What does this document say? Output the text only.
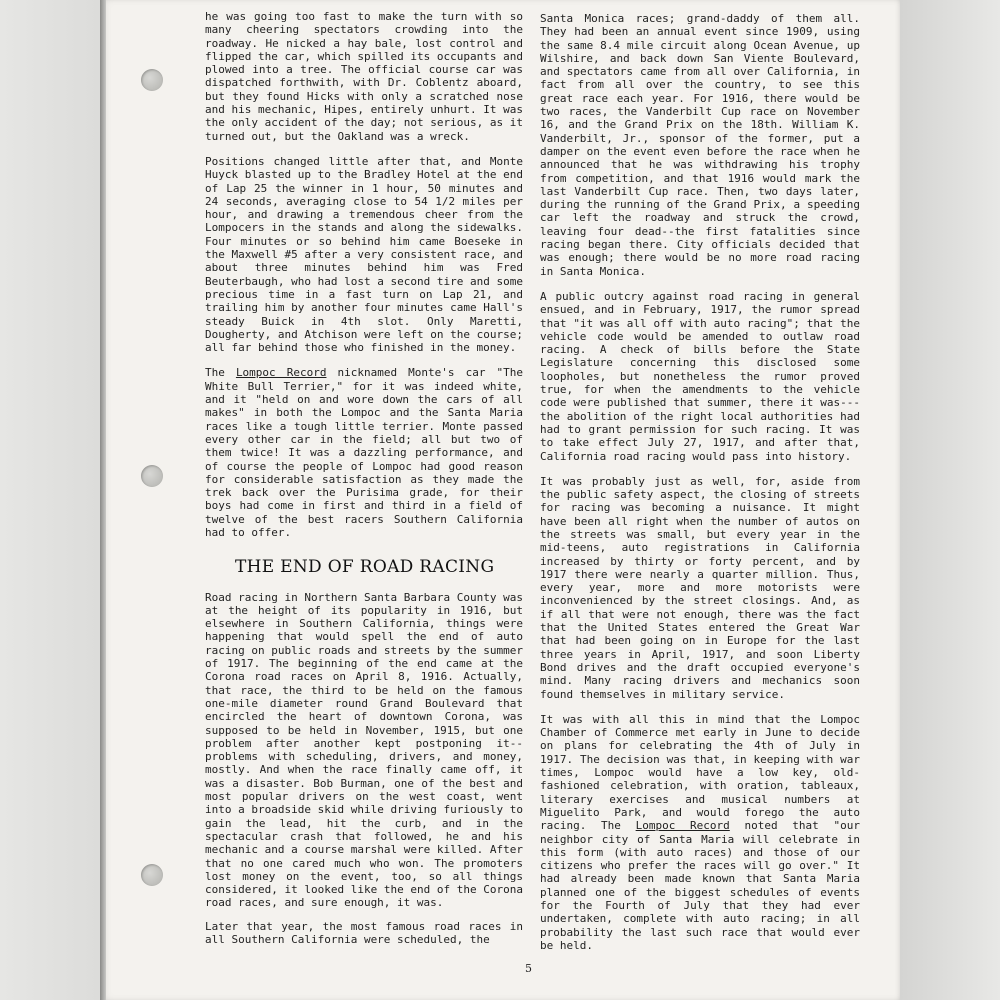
he was going too fast to make the turn with so many cheering spectators crowding into the roadway. He nicked a hay bale, lost control and flipped the car, which spilled its occupants and plowed into a tree. The official course car was dispatched forthwith, with Dr. Coblentz aboard, but they found Hicks with only a scratched nose and his mechanic, Hipes, entirely unhurt. It was the only accident of the day; not serious, as it turned out, but the Oakland was a wreck.

Positions changed little after that, and Monte Huyck blasted up to the Bradley Hotel at the end of Lap 25 the winner in 1 hour, 50 minutes and 24 seconds, averaging close to 54 1/2 miles per hour, and drawing a tremendous cheer from the Lompocers in the stands and along the sidewalks. Four minutes or so behind him came Boeseke in the Maxwell #5 after a very consistent race, and about three minutes behind him was Fred Beuterbaugh, who had lost a second tire and some precious time in a fast turn on Lap 21, and trailing him by another four minutes came Hall's steady Buick in 4th slot. Only Maretti, Dougherty, and Atchison were left on the course; all far behind those who finished in the money.

The Lompoc Record nicknamed Monte's car "The White Bull Terrier," for it was indeed white, and it "held on and wore down the cars of all makes" in both the Lompoc and the Santa Maria races like a tough little terrier. Monte passed every other car in the field; all but two of them twice! It was a dazzling performance, and of course the people of Lompoc had good reason for considerable satisfaction as they made the trek back over the Purisima grade, for their boys had come in first and third in a field of twelve of the best racers Southern California had to offer.

THE END OF ROAD RACING

Road racing in Northern Santa Barbara County was at the height of its popularity in 1916, but elsewhere in Southern California, things were happening that would spell the end of auto racing on public roads and streets by the summer of 1917. The beginning of the end came at the Corona road races on April 8, 1916. Actually, that race, the third to be held on the famous one-mile diameter round Grand Boulevard that encircled the heart of downtown Corona, was supposed to be held in November, 1915, but one problem after another kept postponing it--problems with scheduling, drivers, and money, mostly. And when the race finally came off, it was a disaster. Bob Burman, one of the best and most popular drivers on the west coast, went into a broadside skid while driving furiously to gain the lead, hit the curb, and in the spectacular crash that followed, he and his mechanic and a course marshal were killed. After that no one cared much who won. The promoters lost money on the event, too, so all things considered, it looked like the end of the Corona road races, and sure enough, it was.

Later that year, the most famous road races in all Southern California were scheduled, the

Santa Monica races; grand-daddy of them all. They had been an annual event since 1909, using the same 8.4 mile circuit along Ocean Avenue, up Wilshire, and back down San Viente Boulevard, and spectators came from all over California, in fact from all over the country, to see this great race each year. For 1916, there would be two races, the Vanderbilt Cup race on November 16, and the Grand Prix on the 18th. William K. Vanderbilt, Jr., sponsor of the former, put a damper on the event even before the race when he announced that he was withdrawing his trophy from competition, and that 1916 would mark the last Vanderbilt Cup race. Then, two days later, during the running of the Grand Prix, a speeding car left the roadway and struck the crowd, leaving four dead--the first fatalities since racing began there. City officials decided that was enough; there would be no more road racing in Santa Monica.

A public outcry against road racing in general ensued, and in February, 1917, the rumor spread that "it was all off with auto racing"; that the vehicle code would be amended to outlaw road racing. A check of bills before the State Legislature concerning this disclosed some loopholes, but nonetheless the rumor proved true, for when the amendments to the vehicle code were published that summer, there it was--- the abolition of the right local authorities had had to grant permission for such racing. It was to take effect July 27, 1917, and after that, California road racing would pass into history.

It was probably just as well, for, aside from the public safety aspect, the closing of streets for racing was becoming a nuisance. It might have been all right when the number of autos on the streets was small, but every year in the mid-teens, auto registrations in California increased by thirty or forty percent, and by 1917 there were nearly a quarter million. Thus, every year, more and more motorists were inconvenienced by the street closings. And, as if all that were not enough, there was the fact that the United States entered the Great War that had been going on in Europe for the last three years in April, 1917, and soon Liberty Bond drives and the draft occupied everyone's mind. Many racing drivers and mechanics soon found themselves in military service.

It was with all this in mind that the Lompoc Chamber of Commerce met early in June to decide on plans for celebrating the 4th of July in 1917. The decision was that, in keeping with war times, Lompoc would have a low key, old-fashioned celebration, with oration, tableaux, literary exercises and musical numbers at Miguelito Park, and would forego the auto racing. The Lompoc Record noted that "our neighbor city of Santa Maria will celebrate in this form (with auto races) and those of our citizens who prefer the races will go over." It had already been made known that Santa Maria planned one of the biggest schedules of events for the Fourth of July that they had ever undertaken, complete with auto racing; in all probability the last such race that would ever be held.

5
